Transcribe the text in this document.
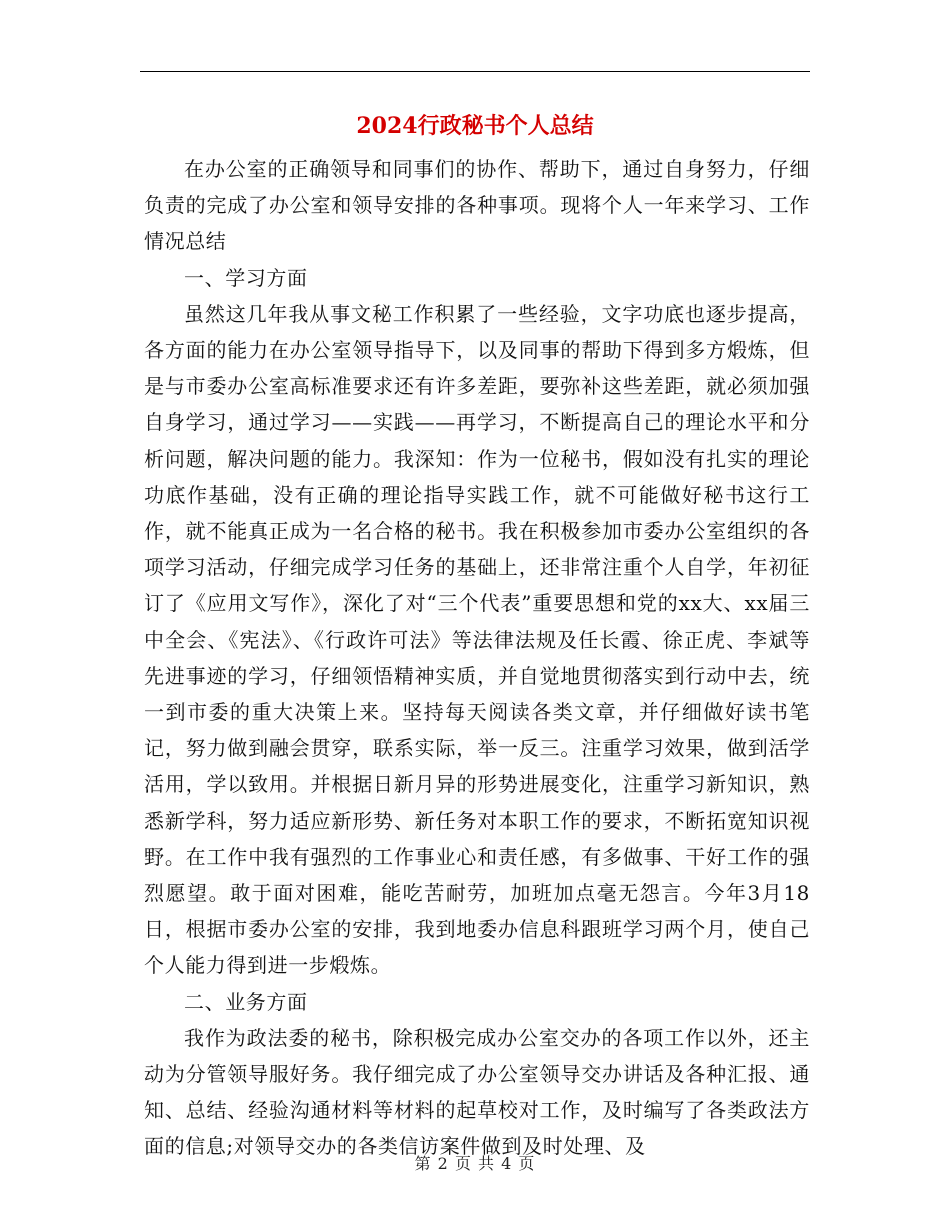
2024行政秘书个人总结

在办公室的正确领导和同事们的协作、帮助下，通过自身努力，仔细负责的完成了办公室和领导安排的各种事项。现将个人一年来学习、工作情况总结

一、学习方面

虽然这几年我从事文秘工作积累了一些经验，文字功底也逐步提高，各方面的能力在办公室领导指导下，以及同事的帮助下得到多方煅炼，但是与市委办公室高标准要求还有许多差距，要弥补这些差距，就必须加强自身学习，通过学习——实践——再学习，不断提高自己的理论水平和分析问题，解决问题的能力。我深知：作为一位秘书，假如没有扎实的理论功底作基础，没有正确的理论指导实践工作，就不可能做好秘书这行工作，就不能真正成为一名合格的秘书。我在积极参加市委办公室组织的各项学习活动，仔细完成学习任务的基础上，还非常注重个人自学，年初征订了《应用文写作》，深化了对“三个代表”重要思想和党的xx大、xx届三中全会、《宪法》、《行政许可法》等法律法规及任长霞、徐正虎、李斌等先进事迹的学习，仔细领悟精神实质，并自觉地贯彻落实到行动中去，统一到市委的重大决策上来。坚持每天阅读各类文章，并仔细做好读书笔记，努力做到融会贯穿，联系实际，举一反三。注重学习效果，做到活学活用，学以致用。并根据日新月异的形势进展变化，注重学习新知识，熟悉新学科，努力适应新形势、新任务对本职工作的要求，不断拓宽知识视野。在工作中我有强烈的工作事业心和责任感，有多做事、干好工作的强烈愿望。敢于面对困难，能吃苦耐劳，加班加点毫无怨言。今年3月18日，根据市委办公室的安排，我到地委办信息科跟班学习两个月，使自己个人能力得到进一步煅炼。

二、业务方面

我作为政法委的秘书，除积极完成办公室交办的各项工作以外，还主动为分管领导服好务。我仔细完成了办公室领导交办讲话及各种汇报、通知、总结、经验沟通材料等材料的起草校对工作，及时编写了各类政法方面的信息;对领导交办的各类信访案件做到及时处理、及

第 2 页 共 4 页
